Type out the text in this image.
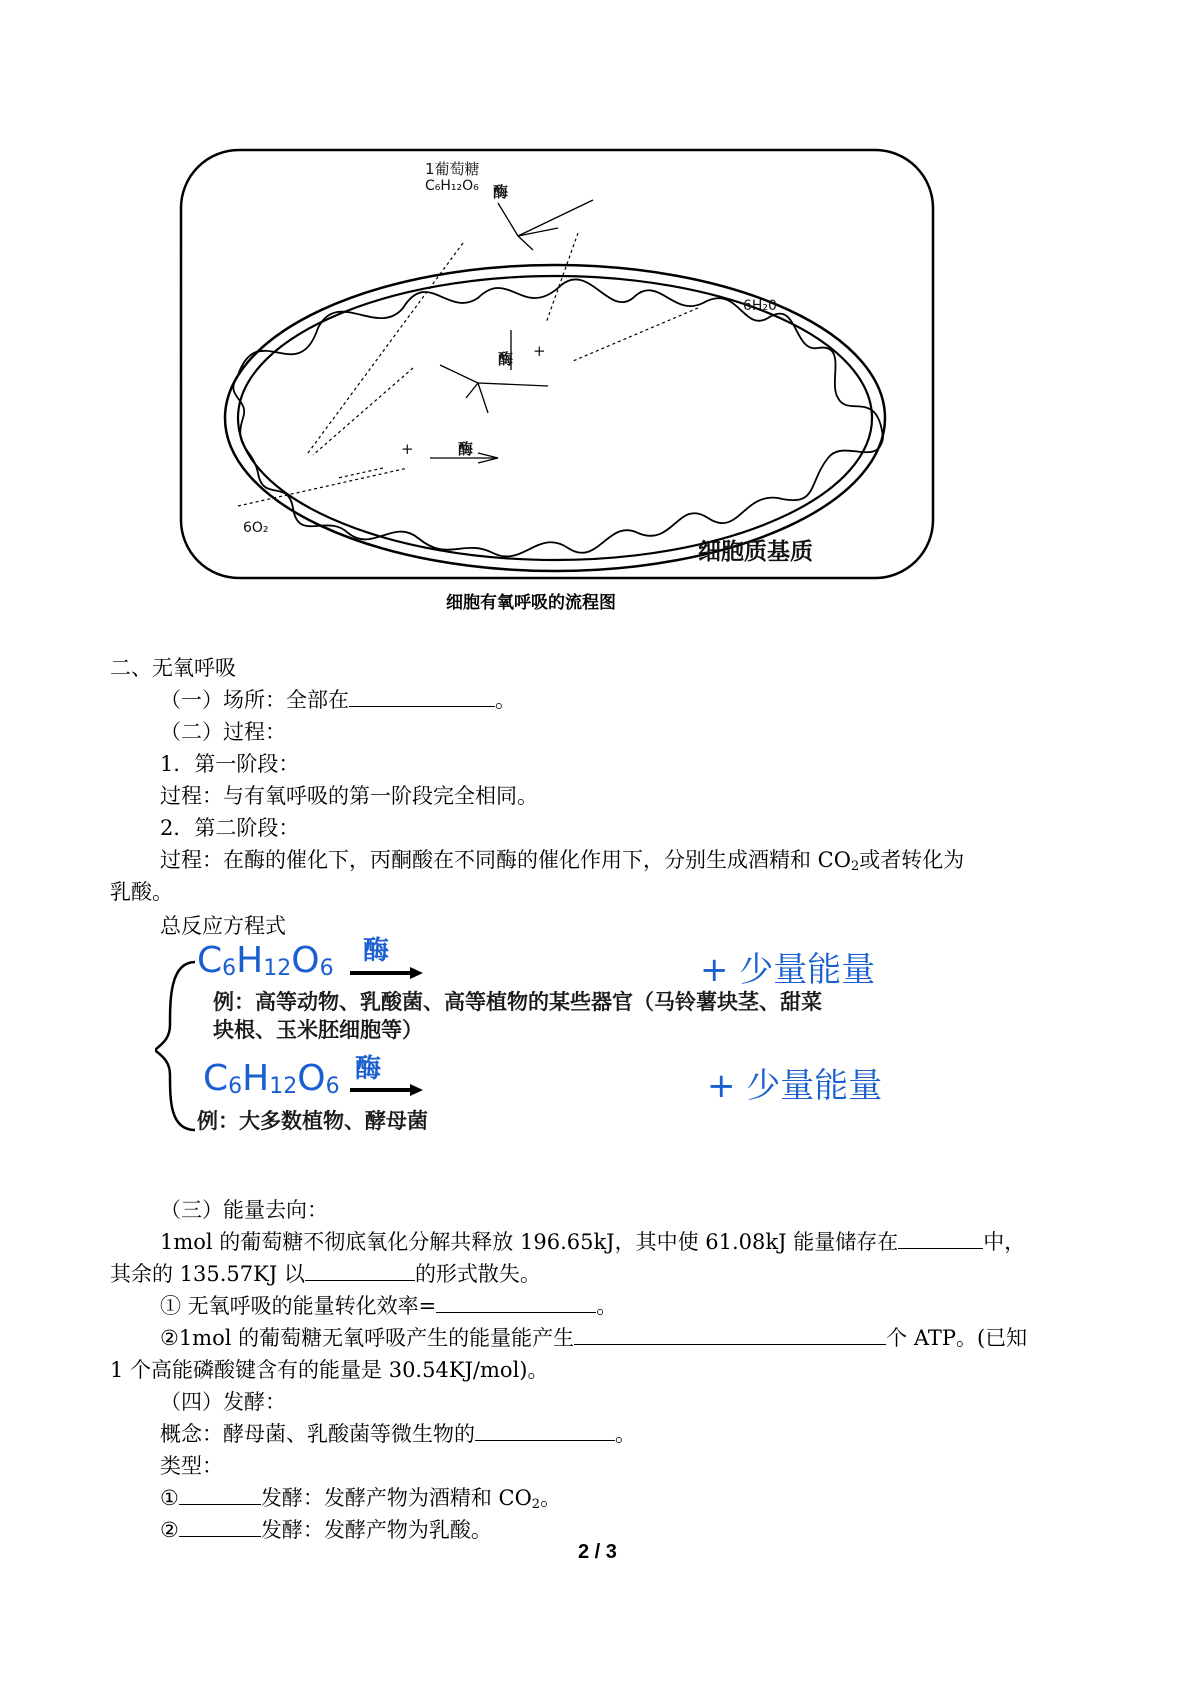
1葡萄糖
C₆H₁₂O₆ 酶
6H₂0
酶 +
酶
+
6O₂
细胞质基质
细胞有氧呼吸的流程图
二、无氧呼吸
（一）场所：全部在	。
（二）过程：
1．第一阶段：
过程：与有氧呼吸的第一阶段完全相同。
2．第二阶段：
过程：在酶的催化下，丙酮酸在不同酶的催化作用下，分别生成酒精和 $CO_2$或者转化为
乳酸。
总反应方程式
$C_6H_{12}O_6$
酶	+ 少量能量
例：高等动物、乳酸菌、高等植物的某些器官（马铃薯块茎、甜菜
块根、玉米胚细胞等）
$C_6H_{12}O_6$
酶	+ 少量能量
例：大多数植物、酵母菌
（三）能量去向：
1mol 的葡萄糖不彻底氧化分解共释放 196.65kJ，其中使 61.08kJ 能量储存在	中，
其余的 135.57KJ 以	的形式散失。
① 无氧呼吸的能量转化效率=	。
②1mol 的葡萄糖无氧呼吸产生的能量能产生	个 ATP。(已知
1 个高能磷酸键含有的能量是 30.54KJ/mol)。
（四）发酵：
概念：酵母菌、乳酸菌等微生物的	。
类型：
①	发酵：发酵产物为酒精和 $CO_2$。
②	发酵：发酵产物为乳酸。
2 / 3
